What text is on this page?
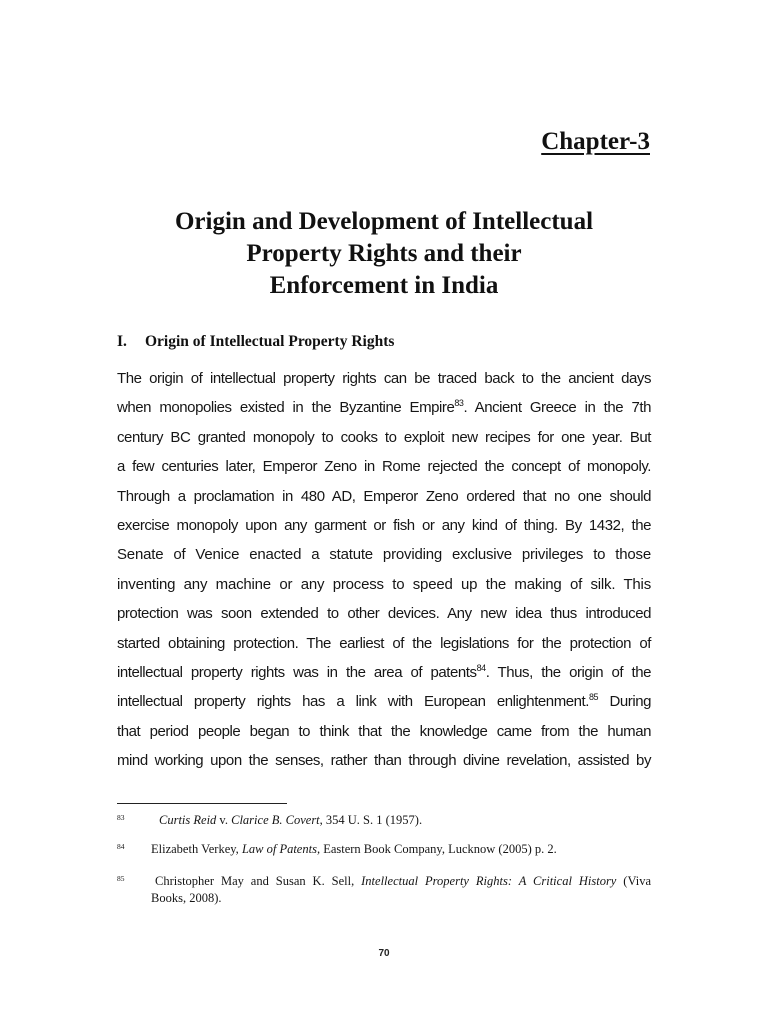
Chapter-3
Origin and Development of Intellectual
Property Rights and their
Enforcement in India
I. Origin of Intellectual Property Rights
The origin of intellectual property rights can be traced back to the ancient days
when monopolies existed in the Byzantine Empire$^{83}$. Ancient Greece in the 7th
century BC granted monopoly to cooks to exploit new recipes for one year. But
a few centuries later, Emperor Zeno in Rome rejected the concept of monopoly.
Through a proclamation in 480 AD, Emperor Zeno ordered that no one should
exercise monopoly upon any garment or fish or any kind of thing. By 1432, the
Senate of Venice enacted a statute providing exclusive privileges to those
inventing any machine or any process to speed up the making of silk. This
protection was soon extended to other devices. Any new idea thus introduced
started obtaining protection. The earliest of the legislations for the protection of
intellectual property rights was in the area of patents$^{84}$. Thus, the origin of the
intellectual property rights has a link with European enlightenment.$^{85}$ During
that period people began to think that the knowledge came from the human
mind working upon the senses, rather than through divine revelation, assisted by
83	Curtis Reid v. Clarice B. Covert, 354 U. S. 1 (1957).
84 Elizabeth Verkey, Law of Patents, Eastern Book Company, Lucknow (2005) p. 2.
85 Christopher May and Susan K. Sell, Intellectual Property Rights: A Critical History (Viva
Books, 2008).
70
